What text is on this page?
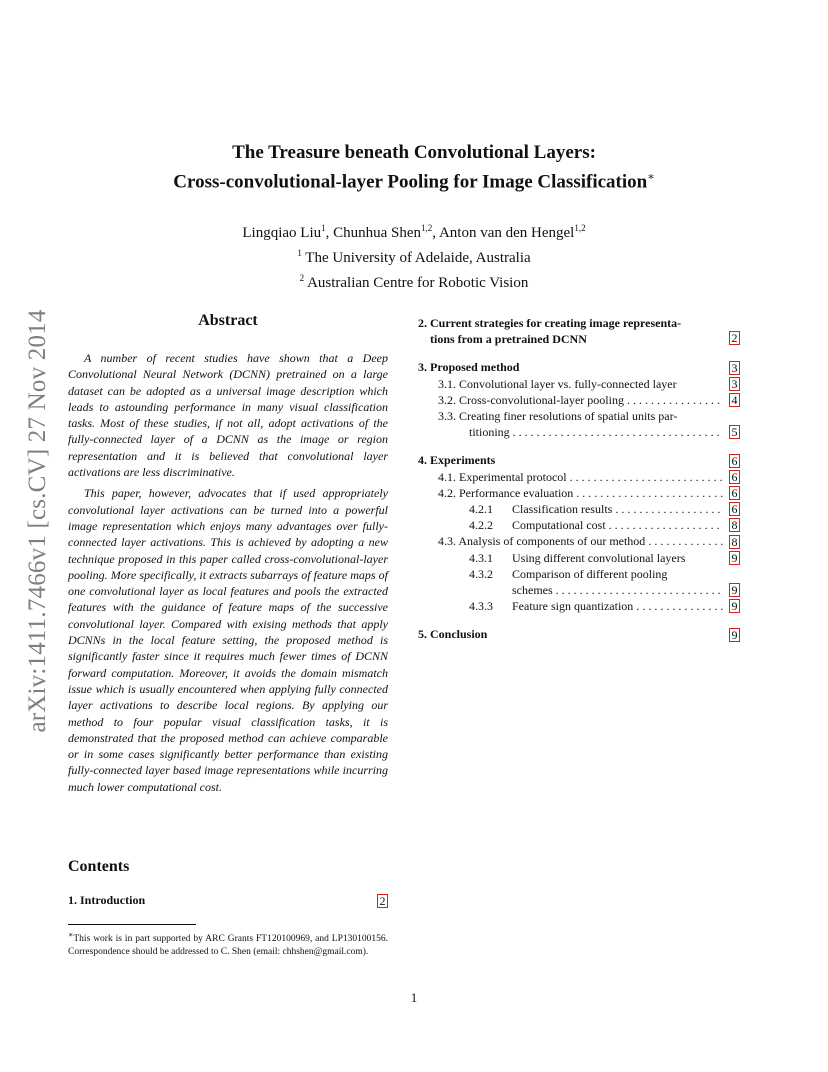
arXiv:1411.7466v1 [cs.CV] 27 Nov 2014
The Treasure beneath Convolutional Layers:
Cross-convolutional-layer Pooling for Image Classification∗
Lingqiao Liu$^1$, Chunhua Shen$^{1,2}$, Anton van den Hengel$^{1,2}$
$^1$ The University of Adelaide, Australia
$^2$ Australian Centre for Robotic Vision
Abstract

A number of recent studies have shown that a Deep Convolutional Neural Network (DCNN) pretrained on a large dataset can be adopted as a universal image description which leads to astounding performance in many visual classification tasks. Most of these studies, if not all, adopt activations of the fully-connected layer of a DCNN as the image or region representation and it is believed that convolutional layer activations are less discriminative.

This paper, however, advocates that if used appropriately convolutional layer activations can be turned into a powerful image representation which enjoys many advantages over fully-connected layer activations. This is achieved by adopting a new technique proposed in this paper called cross-convolutional-layer pooling. More specifically, it extracts subarrays of feature maps of one convolutional layer as local features and pools the extracted features with the guidance of feature maps of the successive convolutional layer. Compared with exising methods that apply DCNNs in the local feature setting, the proposed method is significantly faster since it requires much fewer times of DCNN forward computation. Moreover, it avoids the domain mismatch issue which is usually encountered when applying fully connected layer activations to describe local regions. By applying our method to four popular visual classification tasks, it is demonstrated that the proposed method can achieve comparable or in some cases significantly better performance than existing fully-connected layer based image representations while incurring much lower computational cost.

Contents
1. Introduction	2
∗This work is in part supported by ARC Grants FT120100969, and LP130100156. Correspondence should be addressed to C. Shen (email: chhshen@gmail.com).
1
2. Current strategies for creating image representa-
tions from a pretrained DCNN	2
3. Proposed method	3
3.1. Convolutional layer vs. fully-connected layer	3
3.2. Cross-convolutional-layer pooling . . .	4
3.3. Creating finer resolutions of spatial units par-
titioning . . .	5
4. Experiments	6
4.1. Experimental protocol . . .	6
4.2. Performance evaluation . . .	6
4.2.1 Classification results . . .	6
4.2.2 Computational cost . . .	8
4.3. Analysis of components of our method . . .	8
4.3.1 Using different convolutional layers	9
4.3.2 Comparison of different pooling
schemes . . .	9
4.3.3 Feature sign quantization . . .	9
5. Conclusion	9
